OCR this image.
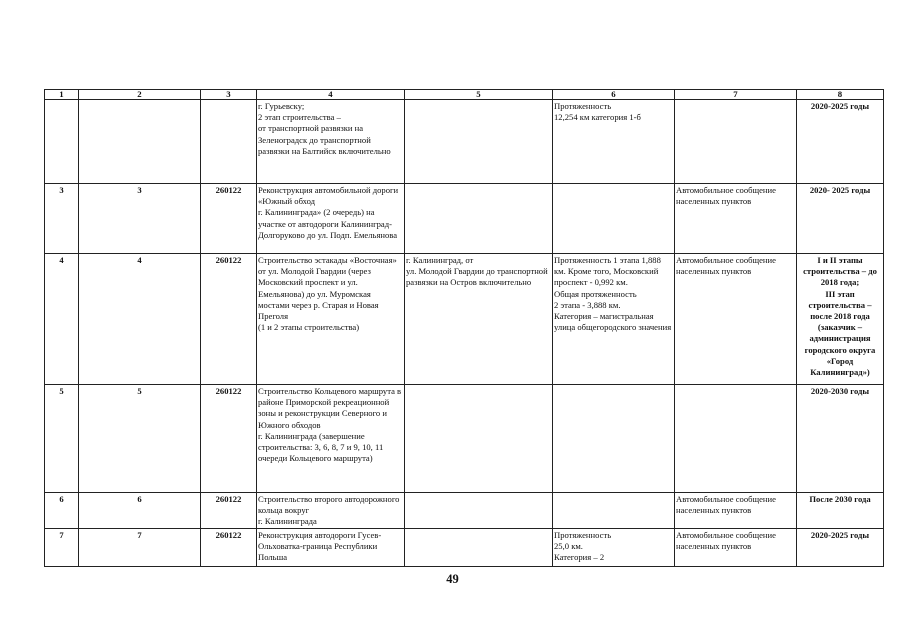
1	2	3	4	5	6	7	8
			г. Гурьевску;
2 этап строительства –
от транспортной развязки на Зеленоградск до транспортной развязки на Балтийск включительно		Протяженность
12,254 км категория 1-б		2020-2025 годы
3	3	260122	Реконструкция автомобильной дороги «Южный обход
г. Калининграда» (2 очередь) на участке от автодороги Калининград-Долгоруково до ул. Подп. Емельянова			Автомобильное сообщение населенных пунктов	2020- 2025 годы
4	4	260122	Строительство эстакады «Восточная» от ул. Молодой Гвардии (через Московский проспект и ул. Емельянова) до ул. Муромская мостами через р. Старая и Новая Преголя
(1 и 2 этапы строительства)	г. Калининград, от
ул. Молодой Гвардии до транспортной развязки на Остров включительно	Протяженность 1 этапа 1,888 км. Кроме того, Московский проспект - 0,992 км.
Общая протяженность
2 этапа - 3,888 км.
Категория – магистральная улица общегородского значения	Автомобильное сообщение населенных пунктов	I и II этапы строительства – до 2018 года;
III этап строительства – после 2018 года (заказчик – администрация городского округа «Город Калининград»)
5	5	260122	Строительство Кольцевого маршрута в районе Приморской рекреационной зоны и реконструкции Северного и Южного обходов
г. Калининграда (завершение строительства: 3, 6, 8, 7 и 9, 10, 11 очереди Кольцевого маршрута)				2020-2030 годы
6	6	260122	Строительство второго автодорожного кольца вокруг
г. Калининграда			Автомобильное сообщение населенных пунктов	После 2030 года
7	7	260122	Реконструкция автодороги Гусев-Ольховатка-граница Республики Польша		Протяженность
25,0 км.
Категория – 2	Автомобильное сообщение населенных пунктов	2020-2025 годы
49
